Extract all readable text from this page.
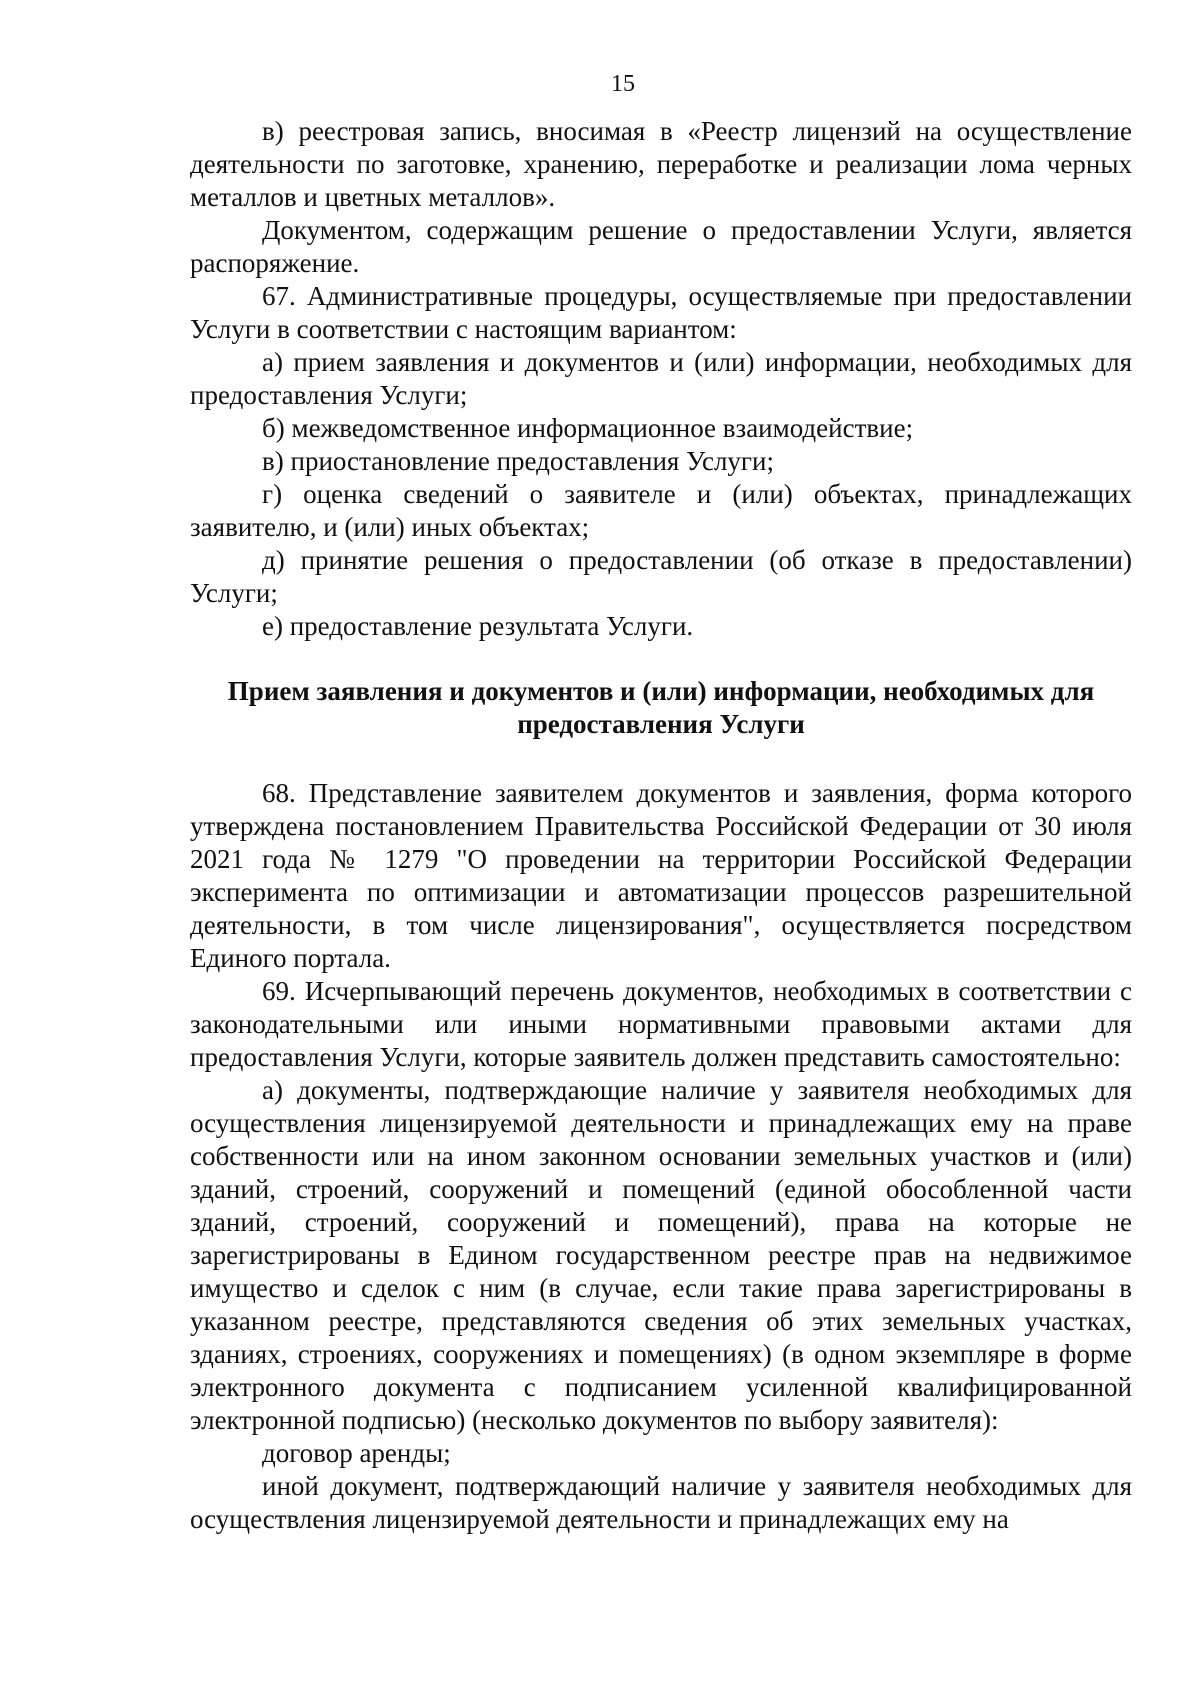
15

в) реестровая запись, вносимая в «Реестр лицензий на осуществление деятельности по заготовке, хранению, переработке и реализации лома черных металлов и цветных металлов».

Документом, содержащим решение о предоставлении Услуги, является распоряжение.

67. Административные процедуры, осуществляемые при предоставлении Услуги в соответствии с настоящим вариантом:

а) прием заявления и документов и (или) информации, необходимых для предоставления Услуги;

б) межведомственное информационное взаимодействие;

в) приостановление предоставления Услуги;

г) оценка сведений о заявителе и (или) объектах, принадлежащих заявителю, и (или) иных объектах;

д) принятие решения о предоставлении (об отказе в предоставлении) Услуги;

е) предоставление результата Услуги.

Прием заявления и документов и (или) информации, необходимых для предоставления Услуги

68. Представление заявителем документов и заявления, форма которого утверждена постановлением Правительства Российской Федерации от 30 июля 2021 года № 1279 "О проведении на территории Российской Федерации эксперимента по оптимизации и автоматизации процессов разрешительной деятельности, в том числе лицензирования", осуществляется посредством Единого портала.

69. Исчерпывающий перечень документов, необходимых в соответствии с законодательными или иными нормативными правовыми актами для предоставления Услуги, которые заявитель должен представить самостоятельно:

а) документы, подтверждающие наличие у заявителя необходимых для осуществления лицензируемой деятельности и принадлежащих ему на праве собственности или на ином законном основании земельных участков и (или) зданий, строений, сооружений и помещений (единой обособленной части зданий, строений, сооружений и помещений), права на которые не зарегистрированы в Едином государственном реестре прав на недвижимое имущество и сделок с ним (в случае, если такие права зарегистрированы в указанном реестре, представляются сведения об этих земельных участках, зданиях, строениях, сооружениях и помещениях) (в одном экземпляре в форме электронного документа с подписанием усиленной квалифицированной электронной подписью) (несколько документов по выбору заявителя):

договор аренды;

иной документ, подтверждающий наличие у заявителя необходимых для осуществления лицензируемой деятельности и принадлежащих ему на
